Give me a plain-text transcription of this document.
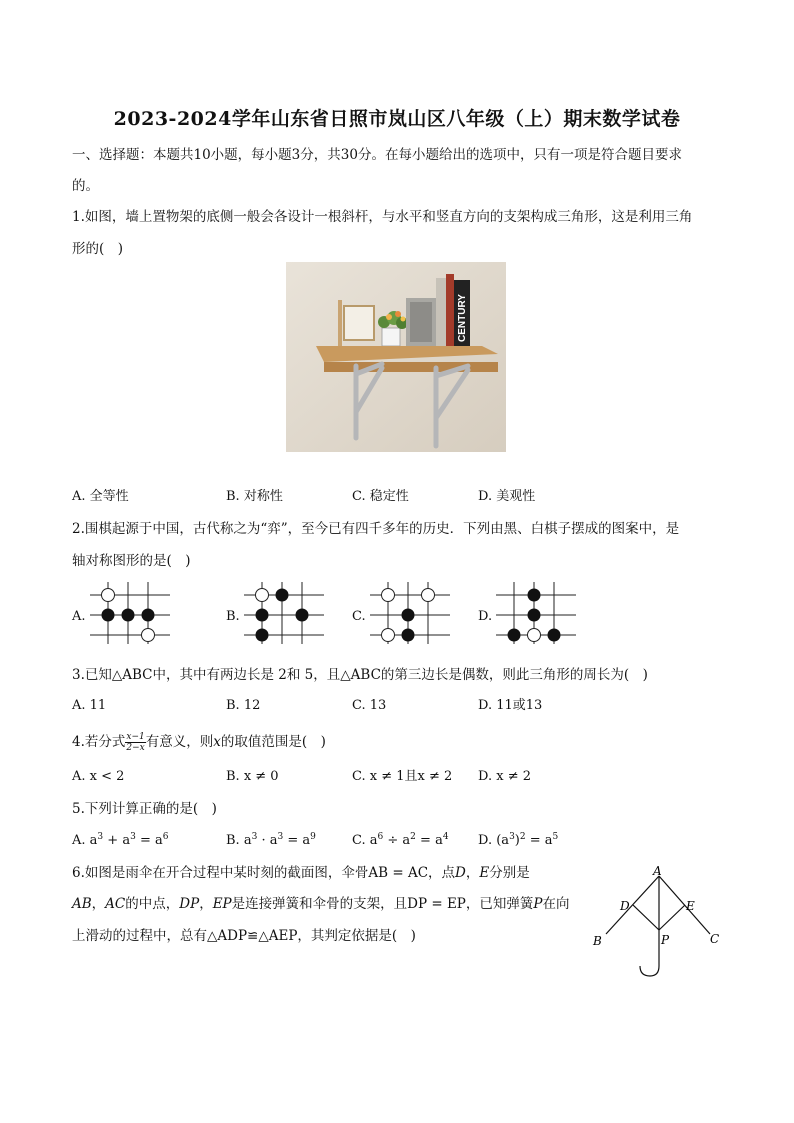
2023-2024学年山东省日照市岚山区八年级（上）期末数学试卷
一、选择题：本题共10小题，每小题3分，共30分。在每小题给出的选项中，只有一项是符合题目要求
的。
1.如图，墙上置物架的底侧一般会各设计一根斜杆，与水平和竖直方向的支架构成三角形，这是利用三角
形的(　)
CENTURY
A. 全等性	B. 对称性	C. 稳定性	D. 美观性
2.围棋起源于中国，古代称之为“弈”，至今已有四千多年的历史．下列由黑、白棋子摆成的图案中，是
轴对称图形的是(　)
A.	B.	C.	D.
3.已知△ABC中，其中有两边长是 2和 5，且△ABC的第三边长是偶数，则此三角形的周长为(　)
A. 11	B. 12	C. 13	D. 11或13
4.若分式 $\frac{x-1}{2-x}$ 有意义，则x的取值范围是(　)
A. x < 2	B. x ≠ 0	C. x ≠ 1且x ≠ 2 D. x ≠ 2
5.下列计算正确的是(　)
A. $a^3 + a^3 = a^6$	B. $a^3 \cdot a^3 = a^9$	C. $a^6 \div a^2 = a^4$ D. $(a^3)^2 = a^5$
6.如图是雨伞在开合过程中某时刻的截面图，伞骨AB = AC，点D，E分别是
AB，AC的中点，DP，EP是连接弹簧和伞骨的支架，且DP = EP，已知弹簧P在向
上滑动的过程中，总有△ADP≌△AEP，其判定依据是(　)
A
B	C
D	E
P
